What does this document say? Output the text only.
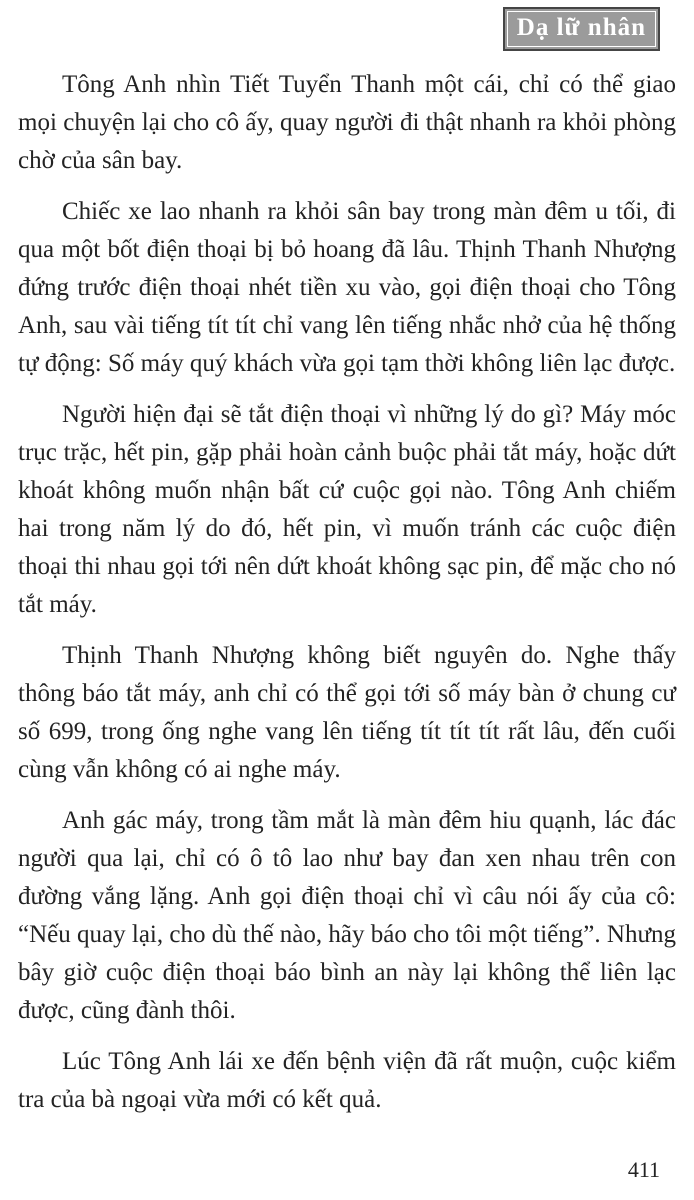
Dạ lữ nhân

Tông Anh nhìn Tiết Tuyển Thanh một cái, chỉ có thể giao mọi chuyện lại cho cô ấy, quay người đi thật nhanh ra khỏi phòng chờ của sân bay.

Chiếc xe lao nhanh ra khỏi sân bay trong màn đêm u tối, đi qua một bốt điện thoại bị bỏ hoang đã lâu. Thịnh Thanh Nhượng đứng trước điện thoại nhét tiền xu vào, gọi điện thoại cho Tông Anh, sau vài tiếng tít tít chỉ vang lên tiếng nhắc nhở của hệ thống tự động: Số máy quý khách vừa gọi tạm thời không liên lạc được.

Người hiện đại sẽ tắt điện thoại vì những lý do gì? Máy móc trục trặc, hết pin, gặp phải hoàn cảnh buộc phải tắt máy, hoặc dứt khoát không muốn nhận bất cứ cuộc gọi nào. Tông Anh chiếm hai trong năm lý do đó, hết pin, vì muốn tránh các cuộc điện thoại thi nhau gọi tới nên dứt khoát không sạc pin, để mặc cho nó tắt máy.

Thịnh Thanh Nhượng không biết nguyên do. Nghe thấy thông báo tắt máy, anh chỉ có thể gọi tới số máy bàn ở chung cư số 699, trong ống nghe vang lên tiếng tít tít tít rất lâu, đến cuối cùng vẫn không có ai nghe máy.

Anh gác máy, trong tầm mắt là màn đêm hiu quạnh, lác đác người qua lại, chỉ có ô tô lao như bay đan xen nhau trên con đường vắng lặng. Anh gọi điện thoại chỉ vì câu nói ấy của cô: “Nếu quay lại, cho dù thế nào, hãy báo cho tôi một tiếng”. Nhưng bây giờ cuộc điện thoại báo bình an này lại không thể liên lạc được, cũng đành thôi.

Lúc Tông Anh lái xe đến bệnh viện đã rất muộn, cuộc kiểm tra của bà ngoại vừa mới có kết quả.

411
